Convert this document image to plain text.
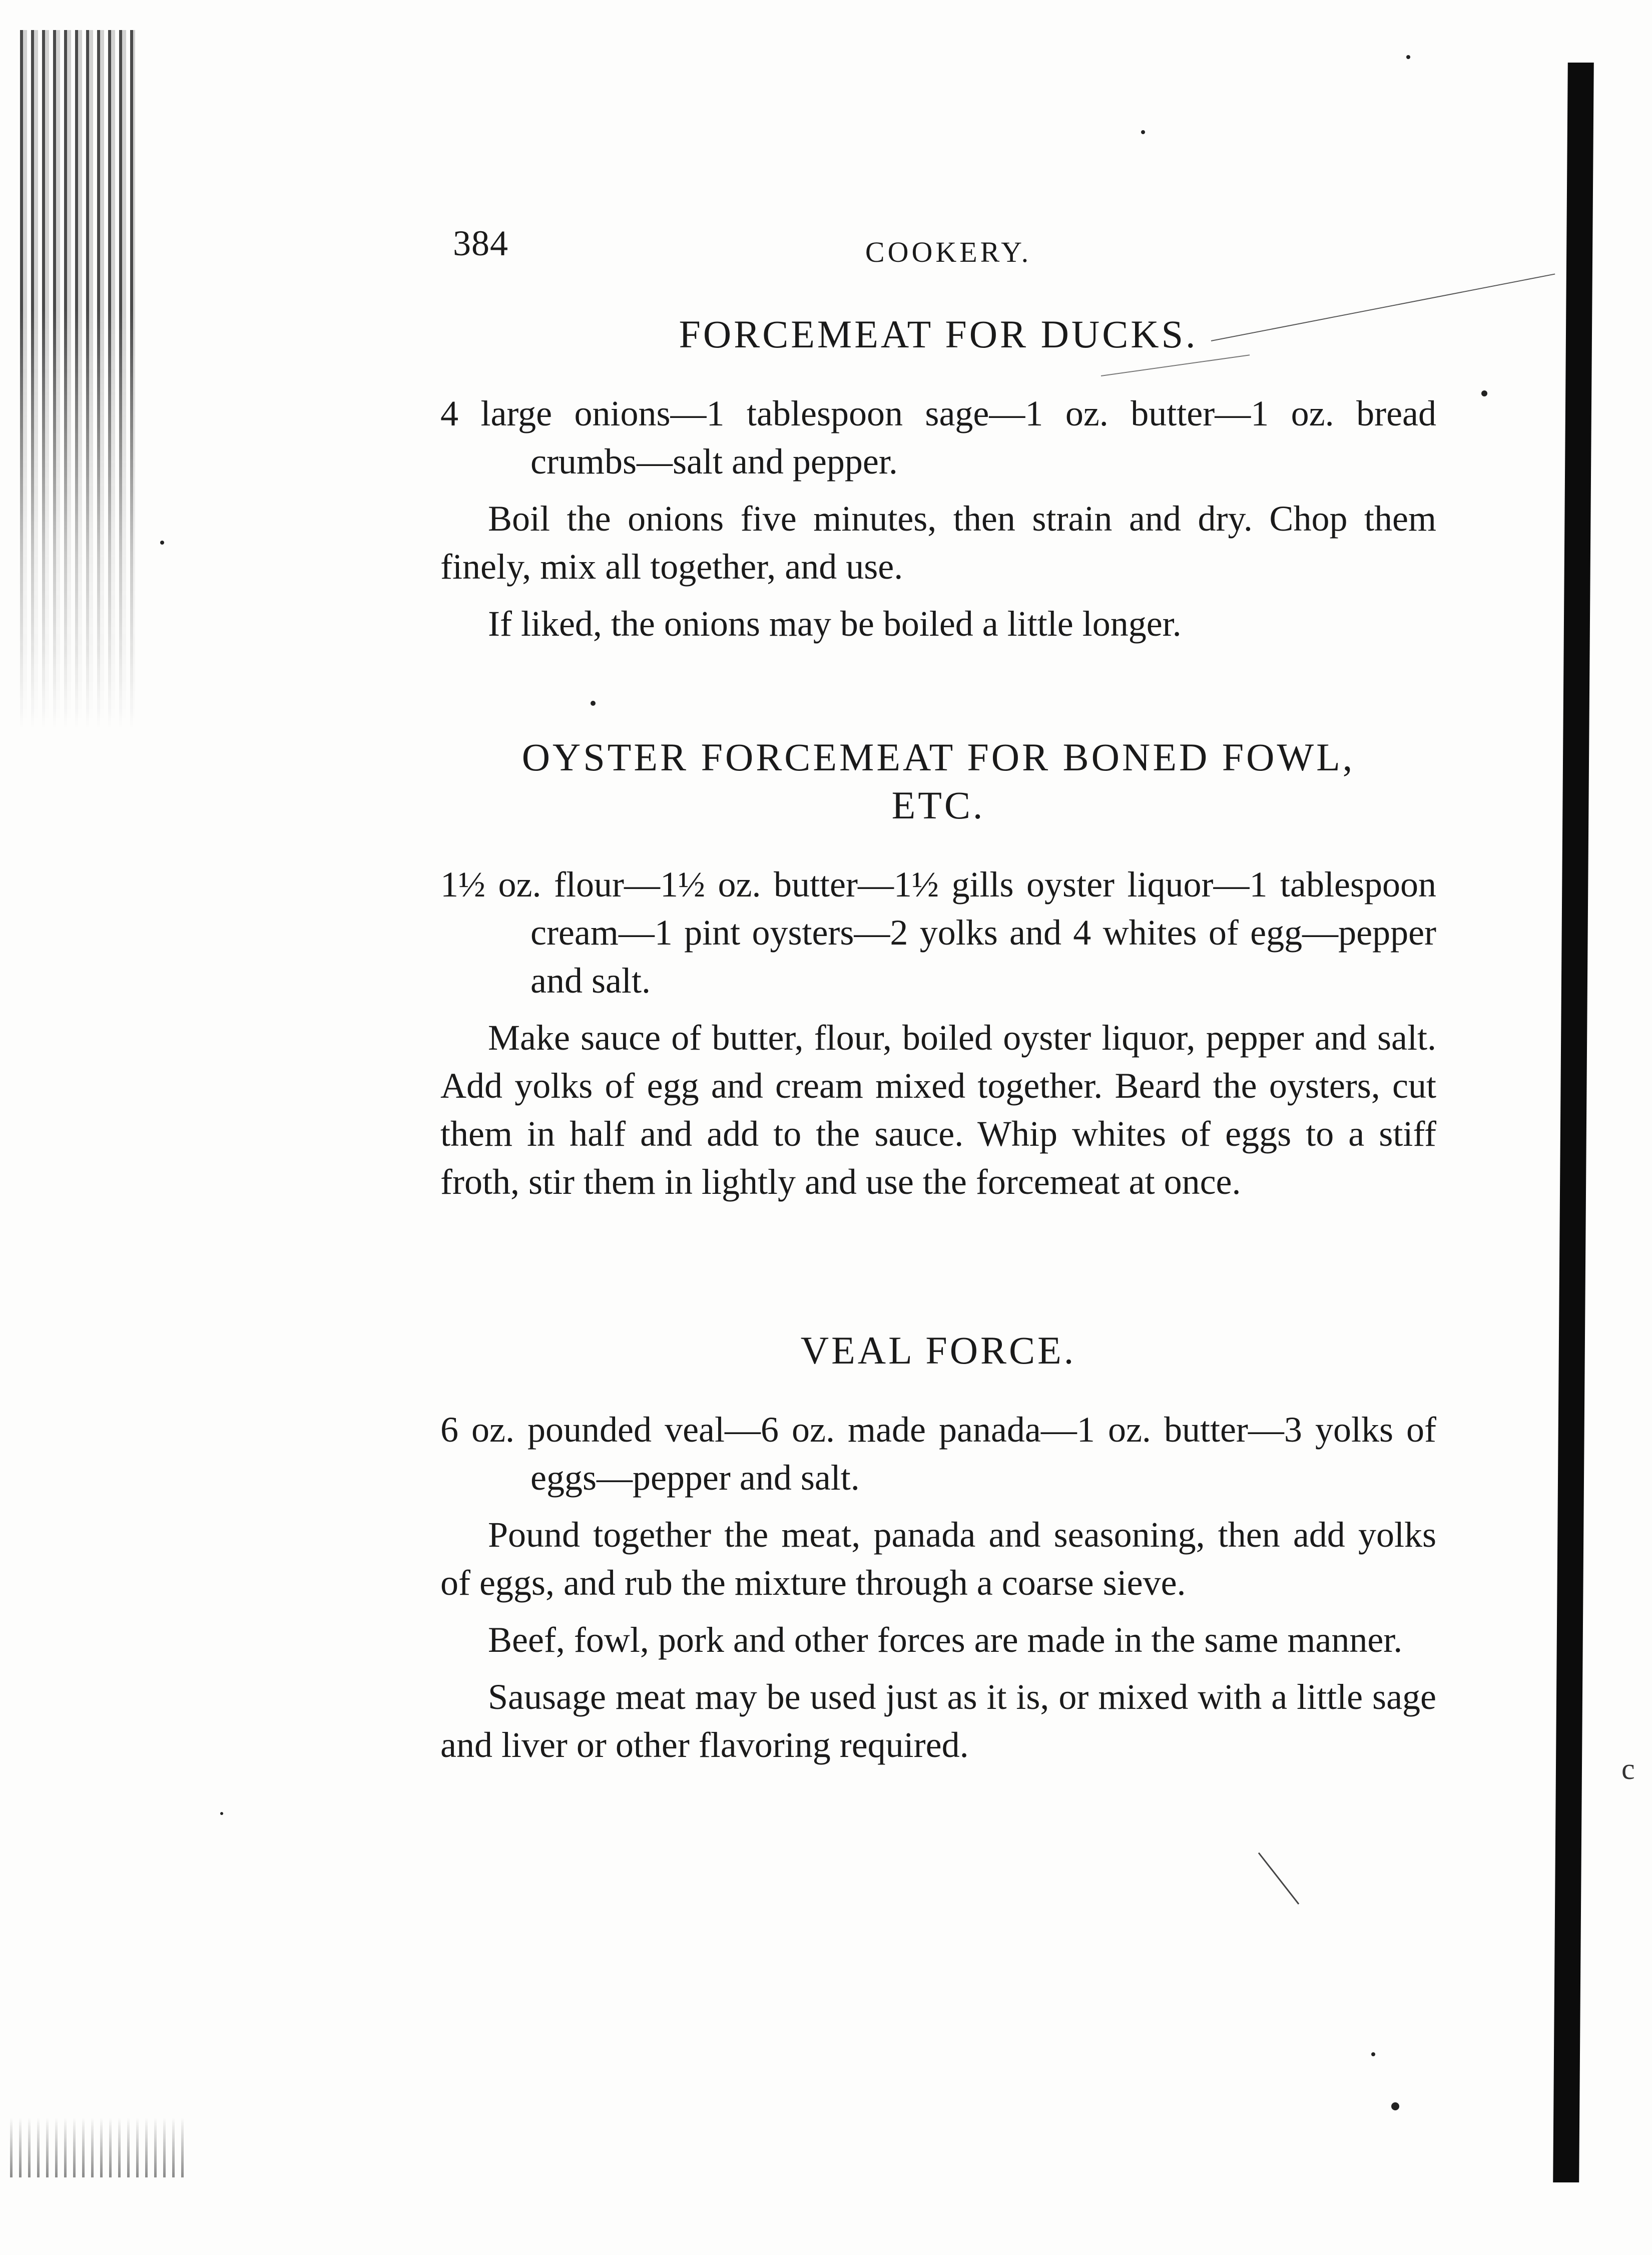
c
384	COOKERY.
FORCEMEAT FOR DUCKS.

4 large onions—1 tablespoon sage—1 oz. butter—1 oz. bread crumbs—salt and pepper.

Boil the onions five minutes, then strain and dry. Chop them finely, mix all together, and use.

If liked, the onions may be boiled a little longer.

OYSTER FORCEMEAT FOR BONED FOWL,
ETC.

1½ oz. flour—1½ oz. butter—1½ gills oyster liquor—1 tablespoon cream—1 pint oysters—2 yolks and 4 whites of egg—pepper and salt.

Make sauce of butter, flour, boiled oyster liquor, pepper and salt. Add yolks of egg and cream mixed together. Beard the oysters, cut them in half and add to the sauce. Whip whites of eggs to a stiff froth, stir them in lightly and use the forcemeat at once.

VEAL FORCE.

6 oz. pounded veal—6 oz. made panada—1 oz. butter—3 yolks of eggs—pepper and salt.

Pound together the meat, panada and seasoning, then add yolks of eggs, and rub the mixture through a coarse sieve.

Beef, fowl, pork and other forces are made in the same manner.

Sausage meat may be used just as it is, or mixed with a little sage and liver or other flavoring required.
